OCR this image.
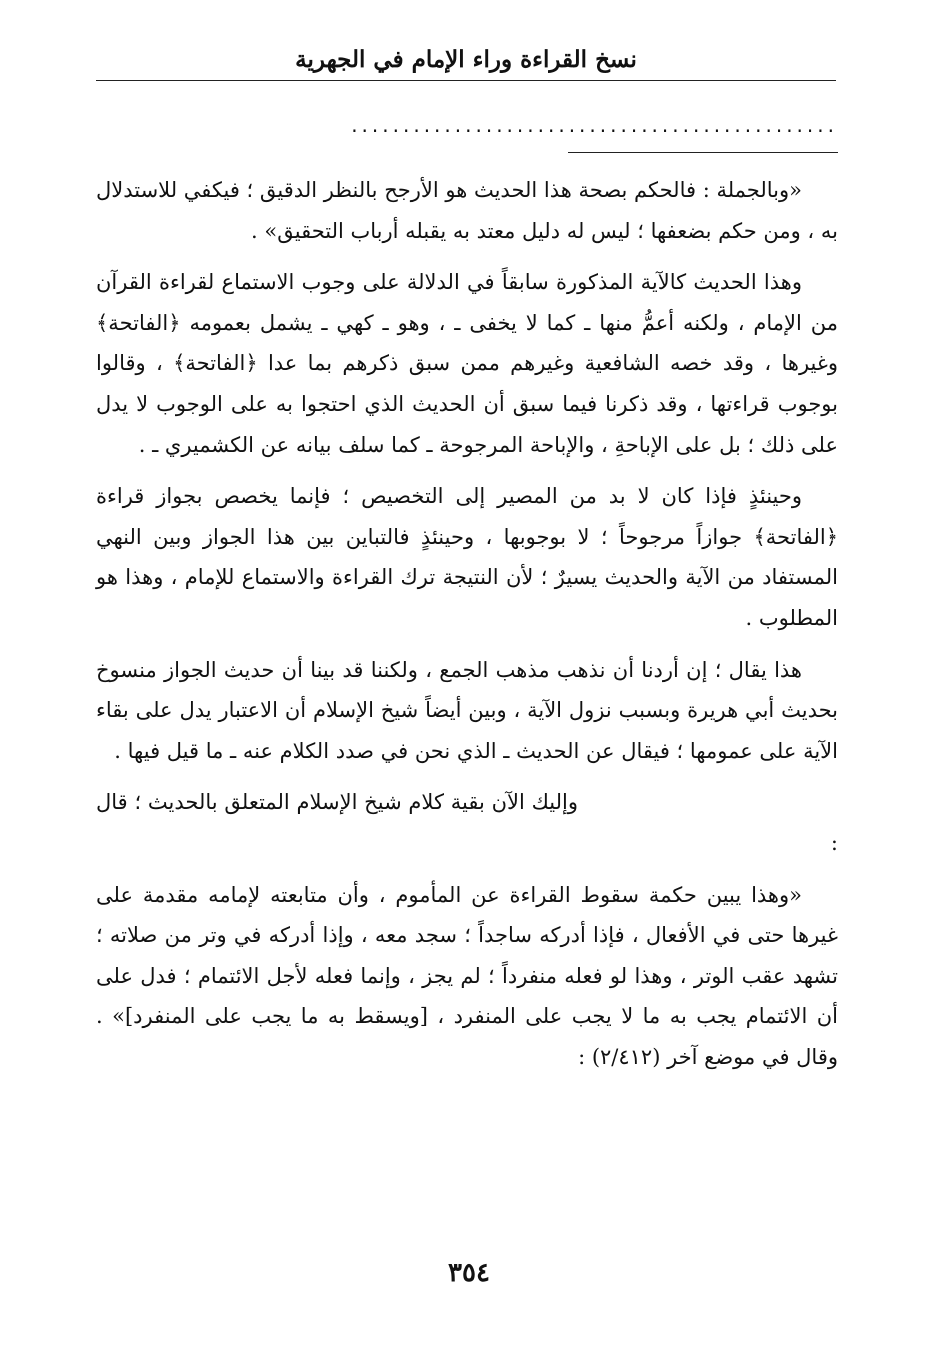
نسخ القراءة وراء الإمام في الجهرية
...............................................

«وبالجملة : فالحكم بصحة هذا الحديث هو الأرجح بالنظر الدقيق ؛ فيكفي للاستدلال به ، ومن حكم بضعفها ؛ ليس له دليل معتد به يقبله أرباب التحقيق» .

وهذا الحديث كالآية المذكورة سابقاً في الدلالة على وجوب الاستماع لقراءة القرآن من الإمام ، ولكنه أعمُّ منها ـ كما لا يخفى ـ ، وهو ـ كهي ـ يشمل بعمومه ﴿الفاتحة﴾ وغيرها ، وقد خصه الشافعية وغيرهم ممن سبق ذكرهم بما عدا ﴿الفاتحة﴾ ، وقالوا بوجوب قراءتها ، وقد ذكرنا فيما سبق أن الحديث الذي احتجوا به على الوجوب لا يدل على ذلك ؛ بل على الإباحةِ ، والإباحة المرجوحة ـ كما سلف بيانه عن الكشميري ـ .

وحينئذٍ فإذا كان لا بد من المصير إلى التخصيص ؛ فإنما يخصص بجواز قراءة ﴿الفاتحة﴾ جوازاً مرجوحاً ؛ لا بوجوبها ، وحينئذٍ فالتباين بين هذا الجواز وبين النهي المستفاد من الآية والحديث يسيرٌ ؛ لأن النتيجة ترك القراءة والاستماع للإمام ، وهذا هو المطلوب .

هذا يقال ؛ إن أردنا أن نذهب مذهب الجمع ، ولكننا قد بينا أن حديث الجواز منسوخ بحديث أبي هريرة وبسبب نزول الآية ، وبين أيضاً شيخ الإسلام أن الاعتبار يدل على بقاء الآية على عمومها ؛ فيقال عن الحديث ـ الذي نحن في صدد الكلام عنه ـ ما قيل فيها .

وإليك الآن بقية كلام شيخ الإسلام المتعلق بالحديث ؛ قال :

«وهذا يبين حكمة سقوط القراءة عن المأموم ، وأن متابعته لإمامه مقدمة على غيرها حتى في الأفعال ، فإذا أدركه ساجداً ؛ سجد معه ، وإذا أدركه في وتر من صلاته ؛ تشهد عقب الوتر ، وهذا لو فعله منفرداً ؛ لم يجز ، وإنما فعله لأجل الائتمام ؛ فدل على أن الائتمام يجب به ما لا يجب على المنفرد ، [ويسقط به ما يجب على المنفرد]» . وقال في موضع آخر (٢/٤١٢) :

٣٥٤
